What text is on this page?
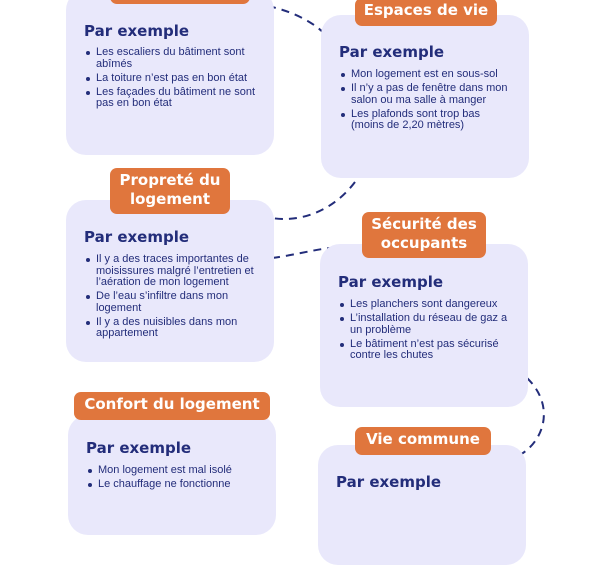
Par exemple
Les escaliers du bâtiment sont abîmés
La toiture n’est pas en bon état
Les façades du bâtiment ne sont pas en bon état
Par exemple
Mon logement est en sous-sol
Il n’y a pas de fenêtre dans mon salon ou ma salle à manger
Les plafonds sont trop bas (moins de 2,20 mètres)
Espaces de vie
Par exemple
Il y a des traces importantes de moisissures malgré l’entretien et l’aération de mon logement
De l’eau s’infiltre dans mon logement
Il y a des nuisibles dans mon appartement
Propreté du
logement
Par exemple
Les planchers sont dangereux
L’installation du réseau de gaz a un problème
Le bâtiment n’est pas sécurisé contre les chutes
Sécurité des
occupants
Par exemple
Mon logement est mal isolé
Le chauffage ne fonctionne
Confort du logement
Par exemple
Vie commune
